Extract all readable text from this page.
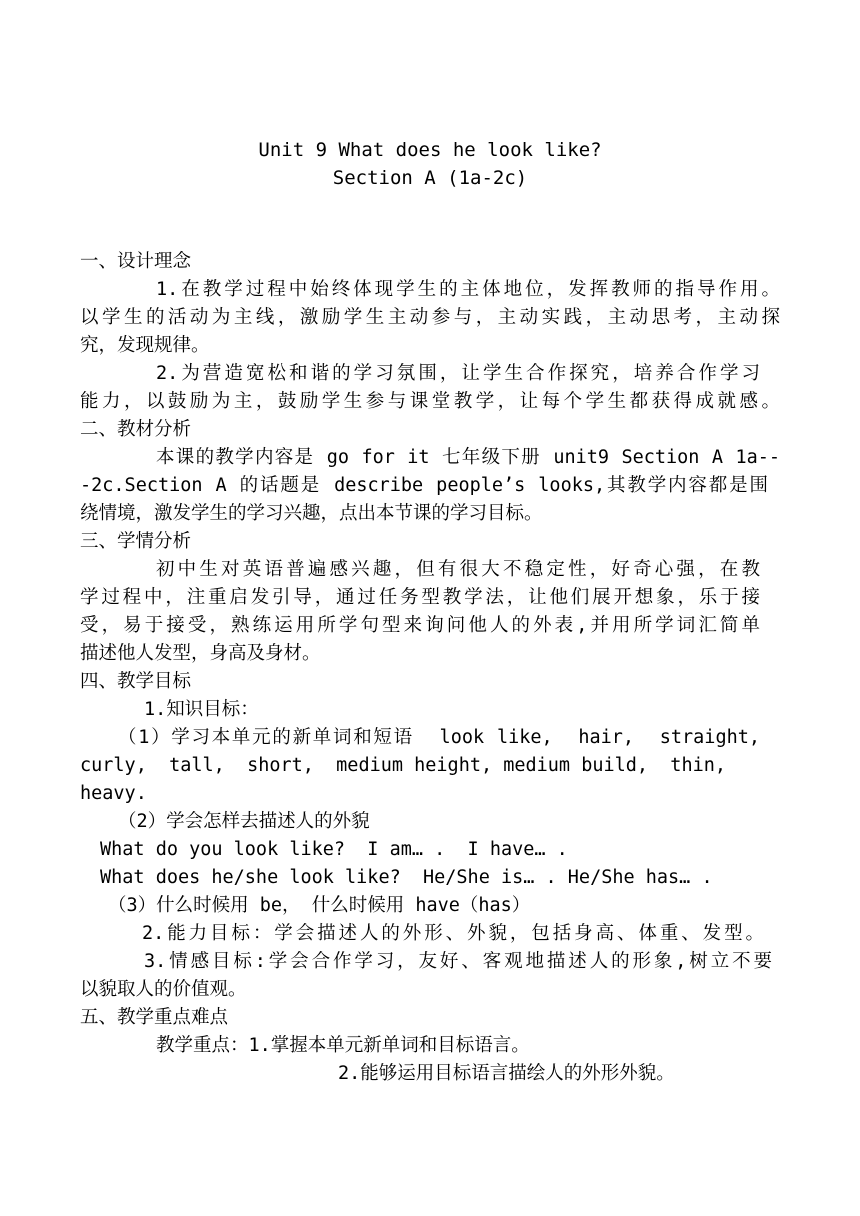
Unit 9 What does he look like?
Section A (1a-2c)
一、设计理念
1.在教学过程中始终体现学生的主体地位，发挥教师的指导作用。
以学生的活动为主线，激励学生主动参与，主动实践，主动思考，主动探
究，发现规律。
2.为营造宽松和谐的学习氛围，让学生合作探究，培养合作学习
能力，以鼓励为主，鼓励学生参与课堂教学，让每个学生都获得成就感。
二、教材分析
本课的教学内容是 go for it 七年级下册 unit9 Section A 1a--
-2c.Section A 的话题是 describe people’s looks,其教学内容都是围
绕情境，激发学生的学习兴趣，点出本节课的学习目标。
三、学情分析
初中生对英语普遍感兴趣，但有很大不稳定性，好奇心强，在教
学过程中，注重启发引导，通过任务型教学法，让他们展开想象，乐于接
受，易于接受，熟练运用所学句型来询问他人的外表,并用所学词汇简单
描述他人发型，身高及身材。
四、教学目标
1.知识目标：
（1）学习本单元的新单词和短语  look like,  hair,  straight,
curly,  tall,  short,  medium height, medium build,  thin,
heavy.
（2）学会怎样去描述人的外貌
What do you look like?  I am… .  I have… .
What does he/she look like?  He/She is… . He/She has… .
（3）什么时候用 be， 什么时候用 have（has）
2.能力目标：学会描述人的外形、外貌，包括身高、体重、发型。
3.情感目标:学会合作学习，友好、客观地描述人的形象,树立不要
以貌取人的价值观。
五、教学重点难点
教学重点：1.掌握本单元新单词和目标语言。
2.能够运用目标语言描绘人的外形外貌。
